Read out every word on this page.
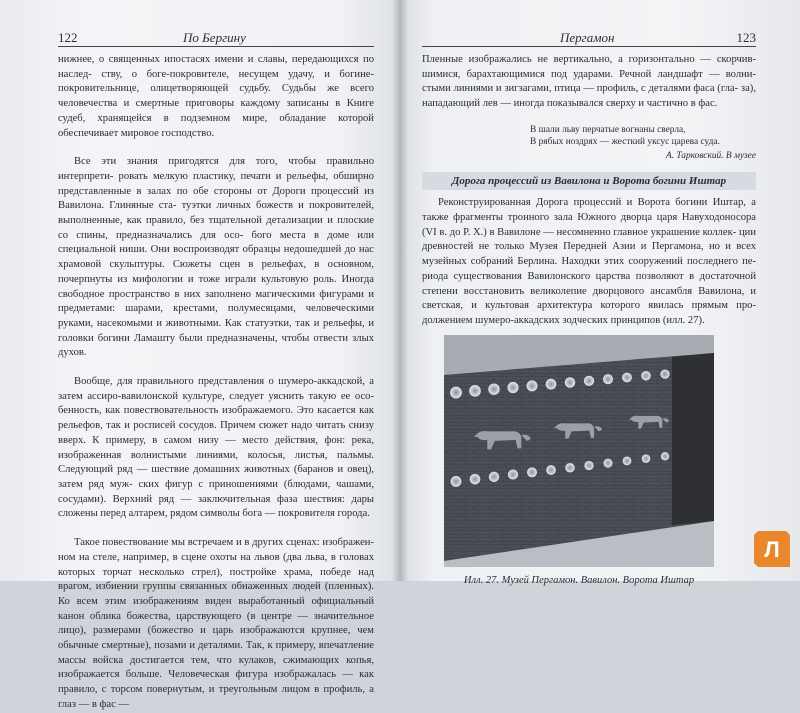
122	По Бергину

нижнее, о священных ипостасях имени и славы, передающихся по наслед- ству, о боге-покровителе, несущем удачу, и богине-покровительнице, олицетворяющей судьбу. Судьбы же всего человечества и смертные приговоры каждому записаны в Книге судеб, хранящейся в подземном мире, обладание которой обеспечивает мировое господство.

Все эти знания пригодятся для того, чтобы правильно интерпрети- ровать мелкую пластику, печати и рельефы, обширно представленные в залах по обе стороны от Дороги процессий из Вавилона. Глиняные ста- туэтки личных божеств и покровителей, выполненные, как правило, без тщательной детализации и плоские со спины, предназначались для осо- бого места в доме или специальной ниши. Они воспроизводят образцы недошедшей до нас храмовой скульптуры. Сюжеты сцен в рельефах, в основном, почерпнуты из мифологии и тоже играли культовую роль. Иногда свободное пространство в них заполнено магическими фигурами и предметами: шарами, крестами, полумесяцами, человеческими руками, насекомыми и животными. Как статуэтки, так и рельефы, и головки богини Ламашту были предназначены, чтобы отвести злых духов.

Вообще, для правильного представления о шумеро-аккадской, а затем ассиро-вавилонской культуре, следует уяснить такую ее осо- бенность, как повествовательность изображаемого. Это касается как рельефов, так и росписей сосудов. Причем сюжет надо читать снизу вверх. К примеру, в самом низу — место действия, фон: река, изображенная волнистыми линиями, колосья, листья, пальмы. Следующий ряд — шествие домашних животных (баранов и овец), затем ряд муж- ских фигур с приношениями (блюдами, чашами, сосудами). Верхний ряд — заключительная фаза шествия: дары сложены перед алтарем, рядом символы бога — покровителя города.

Такое повествование мы встречаем и в других сценах: изображен- ном на стеле, например, в сцене охоты на львов (два льва, в головах которых торчат несколько стрел), постройке храма, победе над врагом, избиении группы связанных обнаженных людей (пленных). Ко всем этим изображениям виден выработанный официальный канон облика божества, царствующего (в центре — значительное лицо), размерами (божество и царь изображаются крупнее, чем обычные смертные), позами и деталями. Так, к примеру, впечатление массы войска достигается тем, что кулаков, сжимающих копья, изображается больше. Человеческая фигура изображалась — как правило, с торсом повернутым, и треугольным лицом в профиль, а глаз — в фас —

Пергамон	123

Пленные изображались не вертикально, а горизонтально — скорчив- шимися, барахтающимися под ударами. Речной ландшафт — волни- стыми линиями и зигзагами, птица — профиль, с деталями фаса (гла- за), нападающий лев — иногда показывался сверху и частично в фас.

В шали льву перчатые вогнаны сверла,
В рябых ноздрях — жесткий уксус царева суда.
А. Тарковский. В музее
Дорога процессий из Вавилона и Ворота богини Иштар

Реконструированная Дорога процессий и Ворота богини Иштар, а также фрагменты тронного зала Южного дворца царя Навуходоносора (VI в. до Р. Х.) в Вавилоне — несомненно главное украшение коллек- ции древностей не только Музея Передней Азии и Пергамона, но и всех музейных собраний Берлина. Находки этих сооружений последнего пе- риода существования Вавилонского царства позволяют в достаточной степени восстановить великолепие дворцового ансамбля Вавилона, и светская, и культовая архитектура которого явилась прямым про- должением шумеро-аккадских зодческих принципов (илл. 27).

Илл. 27. Музей Пергамон. Вавилон. Ворота Иштар
Л
